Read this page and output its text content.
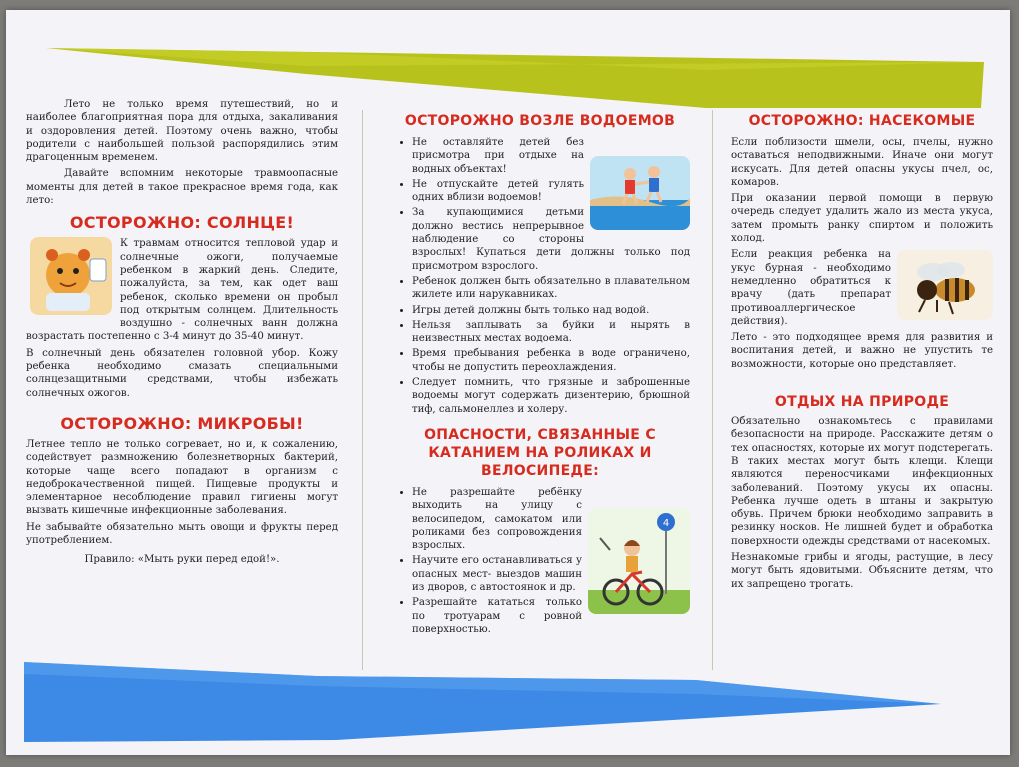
Лето не только время путешествий, но и наиболее благоприятная пора для отдыха, закаливания и оздоровления детей. Поэтому очень важно, чтобы родители с наибольшей пользой распорядились этим драгоценным временем.

Давайте вспомним некоторые травмоопасные моменты для детей в такое прекрасное время года, как лето:

ОСТОРОЖНО: СОЛНЦЕ!

К травмам относится тепловой удар и солнечные ожоги, получаемые ребенком в жаркий день. Следите, пожалуйста, за тем, как одет ваш ребенок, сколько времени он пробыл под открытым солнцем. Длительность воздушно - солнечных ванн должна возрастать постепенно с 3-4 минут до 35-40 минут.

В солнечный день обязателен головной убор. Кожу ребенка необходимо смазать специальными солнцезащитными средствами, чтобы избежать солнечных ожогов.

ОСТОРОЖНО: МИКРОБЫ!

Летнее тепло не только согревает, но и, к сожалению, содействует размножению болезнетворных бактерий, которые чаще всего попадают в организм с недоброкачественной пищей. Пищевые продукты и элементарное несоблюдение правил гигиены могут вызвать кишечные инфекционные заболевания.

Не забывайте обязательно мыть овощи и фрукты перед употреблением.

Правило: «Мыть руки перед едой!».

ОСТОРОЖНО ВОЗЛЕ ВОДОЕМОВ
• Не оставляйте детей без присмотра при отдыхе на водных объектах!
• Не отпускайте детей гулять одних вблизи водоемов!
• За купающимися детьми должно вестись непрерывное наблюдение со стороны взрослых! Купаться дети должны только под присмотром взрослого.
• Ребенок должен быть обязательно в плавательном жилете или нарукавниках.
• Игры детей должны быть только над водой.
• Нельзя заплывать за буйки и нырять в неизвестных местах водоема.
• Время пребывания ребенка в воде ограничено, чтобы не допустить переохлаждения.
• Следует помнить, что грязные и заброшенные водоемы могут содержать дизентерию, брюшной тиф, сальмонеллез и холеру.
ОПАСНОСТИ, СВЯЗАННЫЕ С КАТАНИЕМ НА РОЛИКАХ И ВЕЛОСИПЕДЕ:
4
• Не разрешайте ребёнку выходить на улицу с велосипедом, самокатом или роликами без сопровождения взрослых.
• Научите его останавливаться у опасных мест- выездов машин из дворов, с автостоянок и др.
• Разрешайте кататься только по тротуарам с ровной поверхностью.
ОСТОРОЖНО: НАСЕКОМЫЕ

Если поблизости шмели, осы, пчелы, нужно оставаться неподвижными. Иначе они могут искусать. Для детей опасны укусы пчел, ос, комаров.

При оказании первой помощи в первую очередь следует удалить жало из места укуса, затем промыть ранку спиртом и положить холод.

Если реакция ребенка на укус бурная - необходимо немедленно обратиться к врачу (дать препарат противоаллергическое действия).

Лето - это подходящее время для развития и воспитания детей, и важно не упустить те возможности, которые оно представляет.

ОТДЫХ НА ПРИРОДЕ

Обязательно ознакомьтесь с правилами безопасности на природе. Расскажите детям о тех опасностях, которые их могут подстерегать. В таких местах могут быть клещи. Клещи являются переносчиками инфекционных заболеваний. Поэтому укусы их опасны. Ребенка лучше одеть в штаны и закрытую обувь. Причем брюки необходимо заправить в резинку носков. Не лишней будет и обработка поверхности одежды средствами от насекомых.

Незнакомые грибы и ягоды, растущие, в лесу могут быть ядовитыми. Объясните детям, что их запрещено трогать.
